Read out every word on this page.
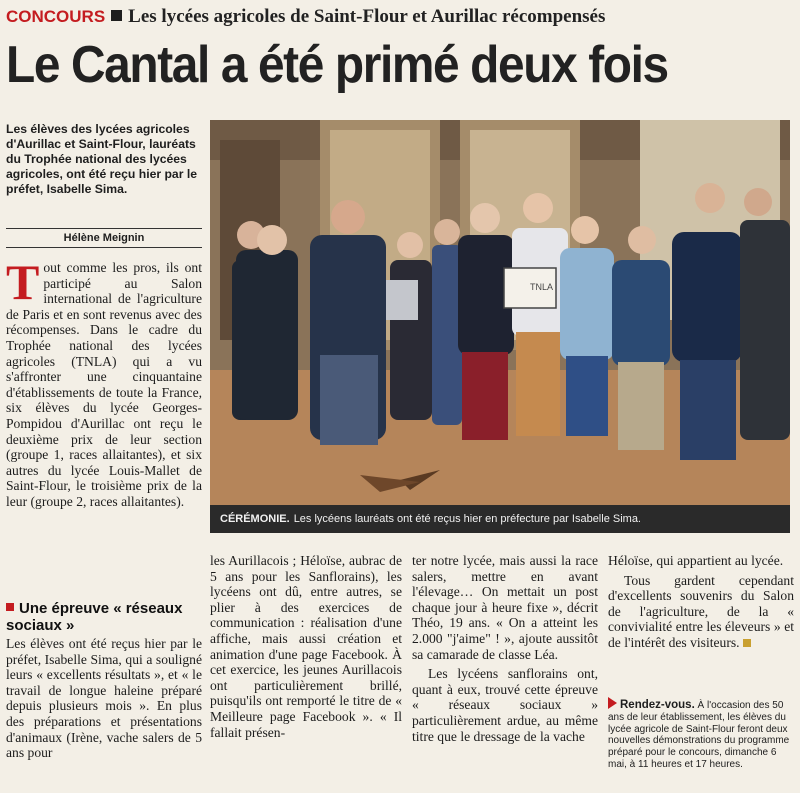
CONCOURS Les lycées agricoles de Saint-Flour et Aurillac récompensés
Le Cantal a été primé deux fois
Les élèves des lycées agricoles d'Aurillac et Saint-Flour, lauréats du Trophée national des lycées agricoles, ont été reçu hier par le préfet, Isabelle Sima.
Hélène Meignin
TNLA
CÉRÉMONIE. Les lycéens lauréats ont été reçus hier en préfecture par Isabelle Sima.
Tout comme les pros, ils ont participé au Salon international de l'agriculture de Paris et en sont revenus avec des récompenses. Dans le cadre du Trophée national des lycées agricoles (TNLA) qui a vu s'affronter une cinquantaine d'établissements de toute la France, six élèves du lycée Georges-Pompidou d'Aurillac ont reçu le deuxième prix de leur section (groupe 1, races allaitantes), et six autres du lycée Louis-Mallet de Saint-Flour, le troisième prix de la leur (groupe 2, races allaitantes).
Une épreuve « réseaux sociaux »
Les élèves ont été reçus hier par le préfet, Isabelle Sima, qui a souligné leurs « excellents résultats », et « le travail de longue haleine préparé depuis plusieurs mois ». En plus des préparations et présentations d'animaux (Irène, vache salers de 5 ans pour
les Aurillacois ; Héloïse, aubrac de 5 ans pour les Sanflorains), les lycéens ont dû, entre autres, se plier à des exercices de communication : réalisation d'une affiche, mais aussi création et animation d'une page Facebook. À cet exercice, les jeunes Aurillacois ont particulièrement brillé, puisqu'ils ont remporté le titre de « Meilleure page Facebook ». « Il fallait présen-
ter notre lycée, mais aussi la race salers, mettre en avant l'élevage… On mettait un post chaque jour à heure fixe », décrit Théo, 19 ans. « On a atteint les 2.000 "j'aime" ! », ajoute aussitôt sa camarade de classe Léa.
Les lycéens sanflorains ont, quant à eux, trouvé cette épreuve « réseaux sociaux » particulièrement ardue, au même titre que le dressage de la vache
Héloïse, qui appartient au lycée.
Tous gardent cependant d'excellents souvenirs du Salon de l'agriculture, de la « convivialité entre les éleveurs » et de l'intérêt des visiteurs.
Rendez-vous. À l'occasion des 50 ans de leur établissement, les élèves du lycée agricole de Saint-Flour feront deux nouvelles démonstrations du programme préparé pour le concours, dimanche 6 mai, à 11 heures et 17 heures.
